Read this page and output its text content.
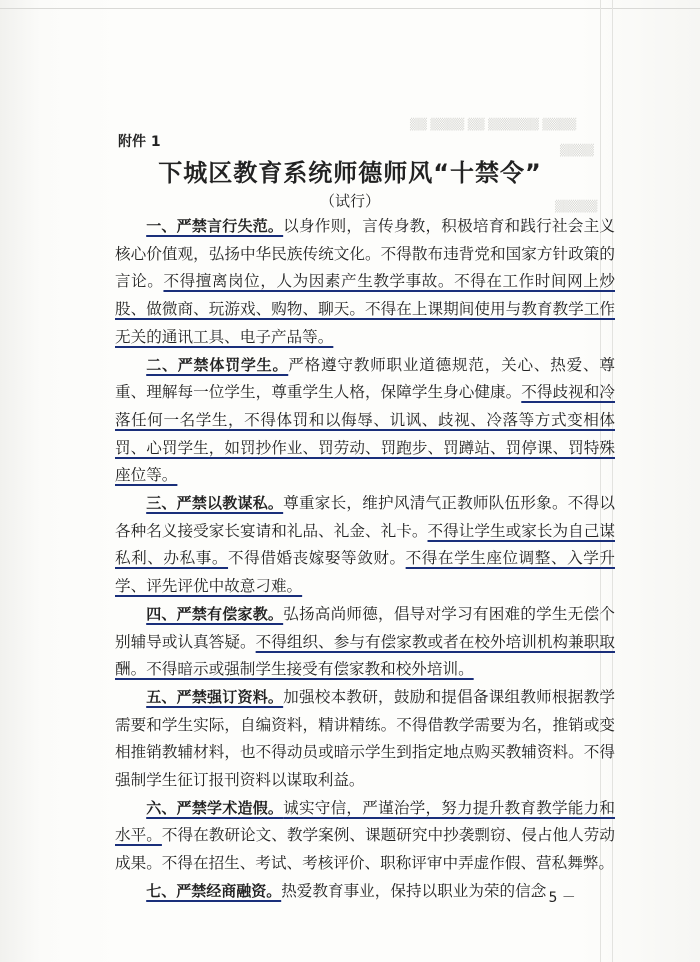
▒▒▒▒ ▒▒▒▒▒▒ ▒▒ ▒▒▒▒ ▒▒
▒▒▒▒
▒▒▒▒▒
附件 1
下城区教育系统师德师风“十禁令”
（试行）

一、严禁言行失范。以身作则，言传身教，积极培育和践行社会主义核心价值观，弘扬中华民族传统文化。不得散布违背党和国家方针政策的言论。不得擅离岗位，人为因素产生教学事故。不得在工作时间网上炒股、做微商、玩游戏、购物、聊天。不得在上课期间使用与教育教学工作无关的通讯工具、电子产品等。

二、严禁体罚学生。严格遵守教师职业道德规范，关心、热爱、尊重、理解每一位学生，尊重学生人格，保障学生身心健康。不得歧视和冷落任何一名学生，不得体罚和以侮辱、讥讽、歧视、冷落等方式变相体罚、心罚学生，如罚抄作业、罚劳动、罚跑步、罚蹲站、罚停课、罚特殊座位等。

三、严禁以教谋私。尊重家长，维护风清气正教师队伍形象。不得以各种名义接受家长宴请和礼品、礼金、礼卡。不得让学生或家长为自己谋私利、办私事。不得借婚丧嫁娶等敛财。不得在学生座位调整、入学升学、评先评优中故意刁难。

四、严禁有偿家教。弘扬高尚师德，倡导对学习有困难的学生无偿个别辅导或认真答疑。不得组织、参与有偿家教或者在校外培训机构兼职取酬。不得暗示或强制学生接受有偿家教和校外培训。

五、严禁强订资料。加强校本教研，鼓励和提倡备课组教师根据教学需要和学生实际，自编资料，精讲精练。不得借教学需要为名，推销或变相推销教辅材料，也不得动员或暗示学生到指定地点购买教辅资料。不得强制学生征订报刊资料以谋取利益。

六、严禁学术造假。诚实守信，严谨治学，努力提升教育教学能力和水平。不得在教研论文、教学案例、课题研究中抄袭剽窃、侵占他人劳动成果。不得在招生、考试、考核评价、职称评审中弄虚作假、营私舞弊。

七、严禁经商融资。热爱教育事业，保持以职业为荣的信念

－ 5 －
